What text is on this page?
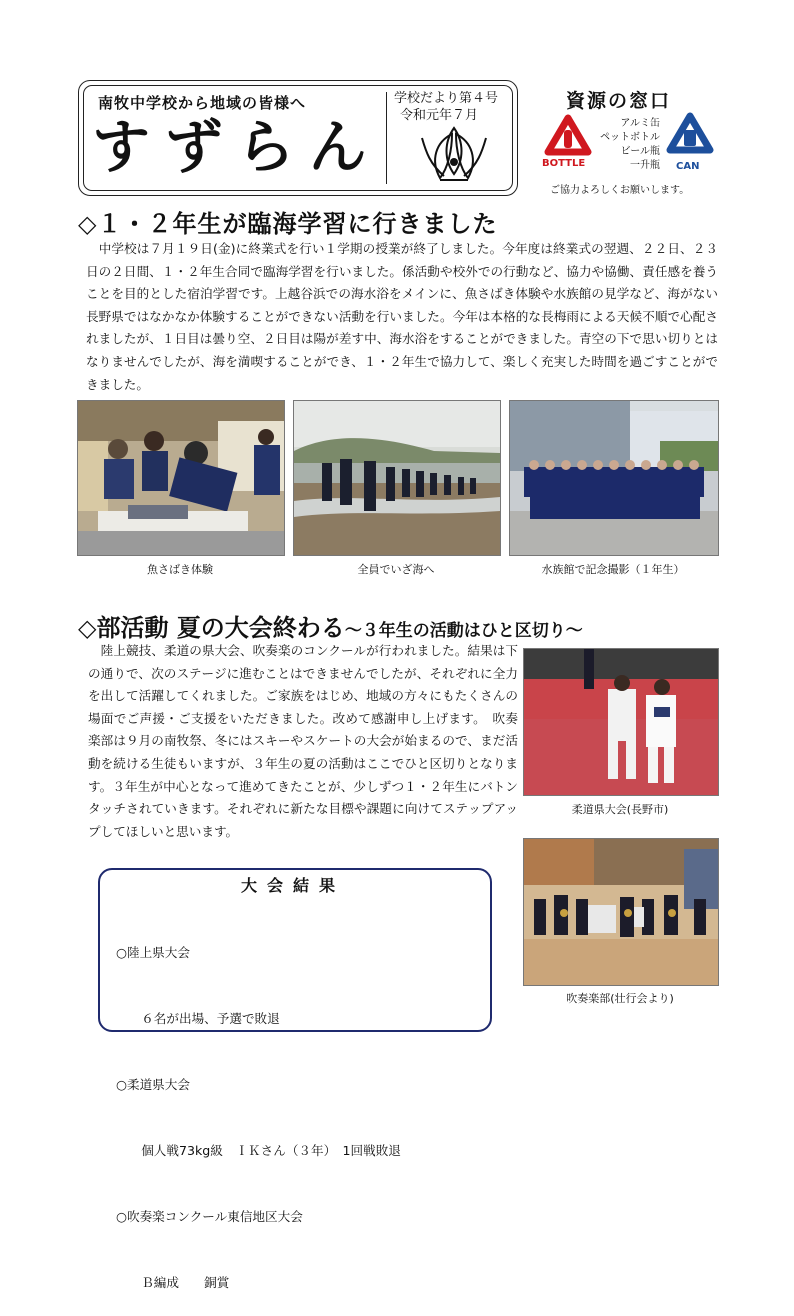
南牧中学校から地域の皆様へ
すずらん
学校だより第４号
令和元年７月
資源の窓口
BOTTLE	CAN
アルミ缶
ペットボトル
ビール瓶
一升瓶
ご協力よろしくお願いします。
◇１・２年生が臨海学習に行きました
　中学校は７月１９日(金)に終業式を行い１学期の授業が終了しました。今年度は終業式の翌週、２２日、２３日の２日間、１・２年生合同で臨海学習を行いました。係活動や校外での行動など、協力や協働、責任感を養うことを目的とした宿泊学習です。上越谷浜での海水浴をメインに、魚さばき体験や水族館の見学など、海がない長野県ではなかなか体験することができない活動を行いました。今年は本格的な長梅雨による天候不順で心配されましたが、１日目は曇り空、２日目は陽が差す中、海水浴をすることができました。青空の下で思い切りとはなりませんでしたが、海を満喫することができ、１・２年生で協力して、楽しく充実した時間を過ごすことができました。
魚さばき体験	全員でいざ海へ	水族館で記念撮影（１年生）
◇部活動 夏の大会終わる～３年生の活動はひと区切り～
　陸上競技、柔道の県大会、吹奏楽のコンクールが行われました。結果は下の通りで、次のステージに進むことはできませんでしたが、それぞれに全力を出して活躍してくれました。ご家族をはじめ、地域の方々にもたくさんの場面でご声援・ご支援をいただきました。改めて感謝申し上げます。　吹奏楽部は９月の南牧祭、冬にはスキーやスケートの大会が始まるので、まだ活動を続ける生徒もいますが、３年生の夏の活動はここでひと区切りとなります。３年生が中心となって進めてきたことが、少しずつ１・２年生にバトンタッチされていきます。それぞれに新たな目標や課題に向けてステップアップしてほしいと思います。
柔道県大会(長野市)
吹奏楽部(壮行会より)
大会結果

○陸上県大会

　　６名が出場、予選で敗退

○柔道県大会

　　個人戦73kg級　ＩＫさん（３年）　1回戦敗退

○吹奏楽コンクール東信地区大会

　　Ｂ編成　　銅賞
